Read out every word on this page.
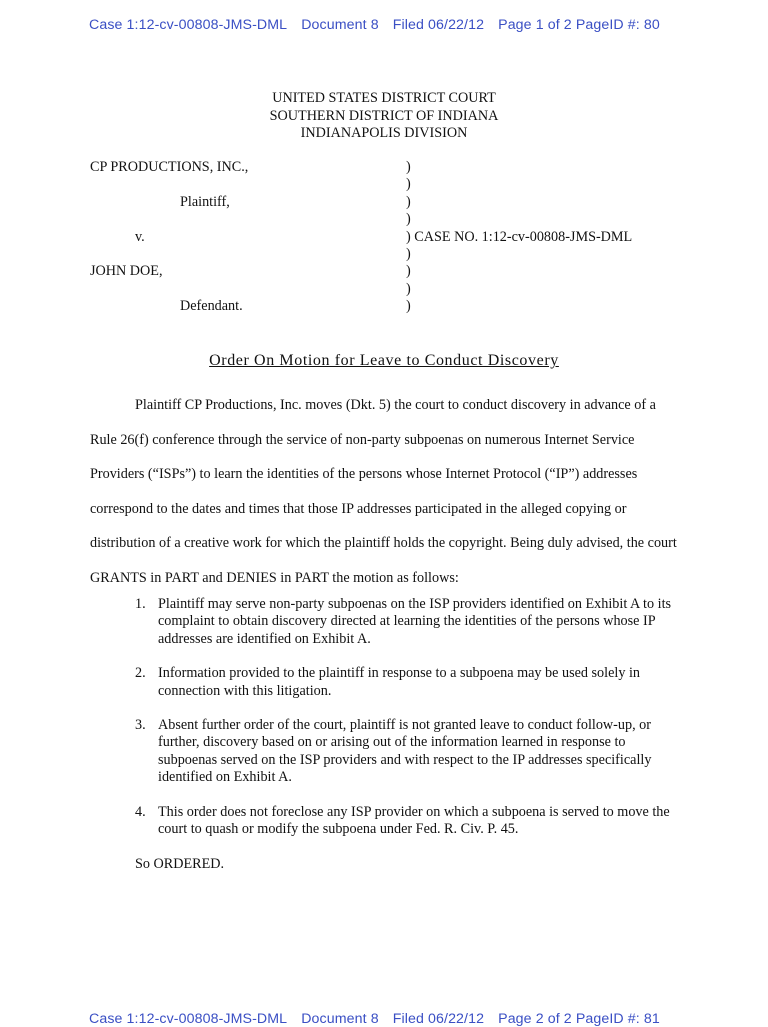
Case 1:12-cv-00808-JMS-DML Document 8 Filed 06/22/12 Page 1 of 2 PageID #: 80
UNITED STATES DISTRICT COURT
SOUTHERN DISTRICT OF INDIANA
INDIANAPOLIS DIVISION
CP PRODUCTIONS, INC.,
Plaintiff,
v.
JOHN DOE,
Defendant.
)
)
)
)
) CASE NO. 1:12-cv-00808-JMS-DML
)
)
)
)
Order On Motion for Leave to Conduct Discovery
Plaintiff CP Productions, Inc. moves (Dkt. 5) the court to conduct discovery in advance of a Rule 26(f) conference through the service of non-party subpoenas on numerous Internet Service Providers (“ISPs”) to learn the identities of the persons whose Internet Protocol (“IP”) addresses correspond to the dates and times that those IP addresses participated in the alleged copying or distribution of a creative work for which the plaintiff holds the copyright. Being duly advised, the court GRANTS in PART and DENIES in PART the motion as follows:
1. Plaintiff may serve non-party subpoenas on the ISP providers identified on Exhibit A to its complaint to obtain discovery directed at learning the identities of the persons whose IP addresses are identified on Exhibit A.
2. Information provided to the plaintiff in response to a subpoena may be used solely in connection with this litigation.
3. Absent further order of the court, plaintiff is not granted leave to conduct follow-up, or further, discovery based on or arising out of the information learned in response to subpoenas served on the ISP providers and with respect to the IP addresses specifically identified on Exhibit A.
4. This order does not foreclose any ISP provider on which a subpoena is served to move the court to quash or modify the subpoena under Fed. R. Civ. P. 45.
So ORDERED.
Case 1:12-cv-00808-JMS-DML Document 8 Filed 06/22/12 Page 2 of 2 PageID #: 81
